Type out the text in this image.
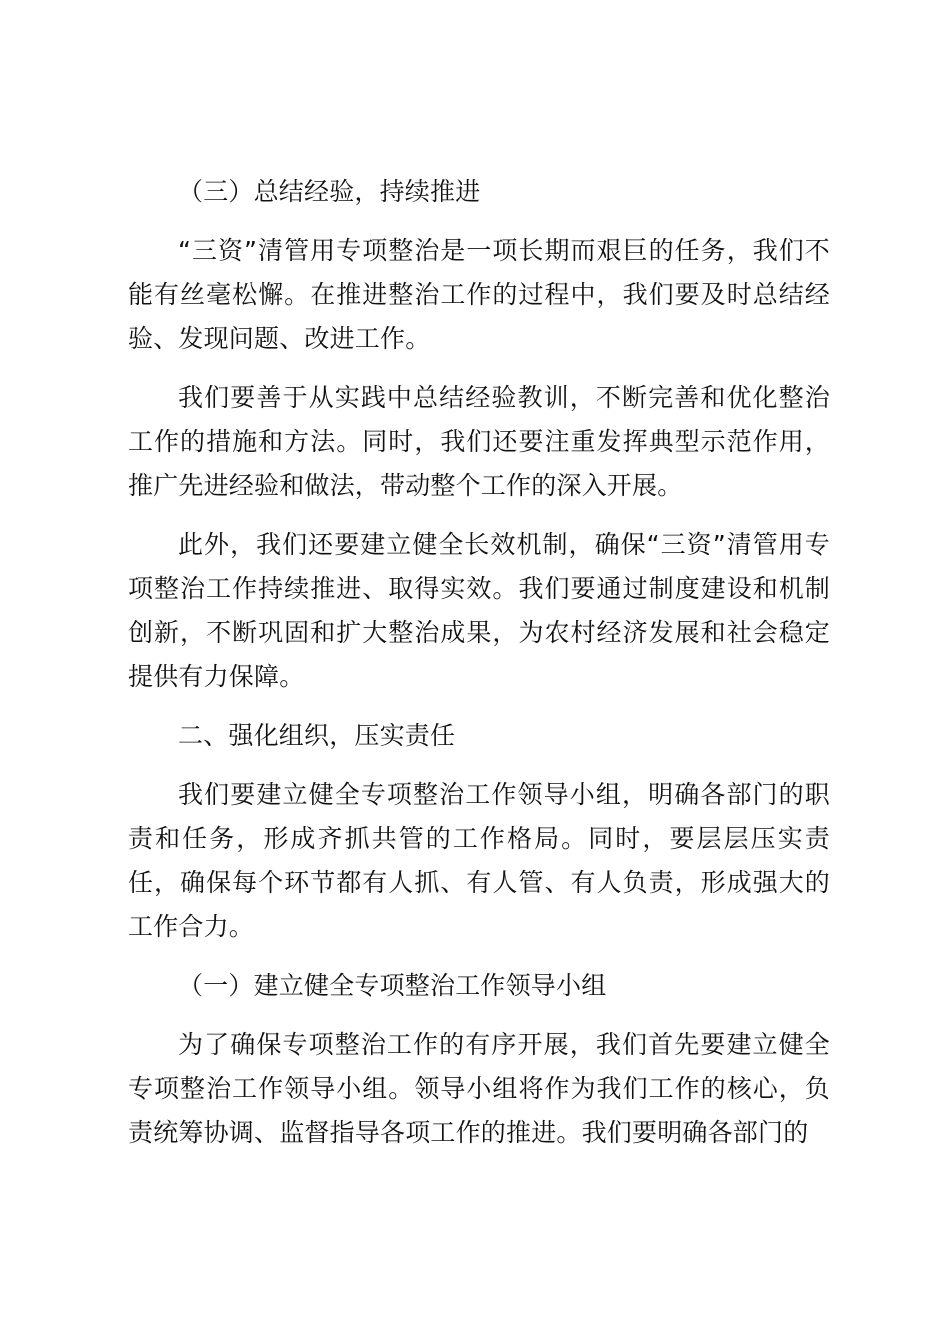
（三）总结经验，持续推进

“三资”清管用专项整治是一项长期而艰巨的任务，我们不能有丝毫松懈。在推进整治工作的过程中，我们要及时总结经验、发现问题、改进工作。

我们要善于从实践中总结经验教训，不断完善和优化整治工作的措施和方法。同时，我们还要注重发挥典型示范作用，推广先进经验和做法，带动整个工作的深入开展。

此外，我们还要建立健全长效机制，确保“三资”清管用专项整治工作持续推进、取得实效。我们要通过制度建设和机制创新，不断巩固和扩大整治成果，为农村经济发展和社会稳定提供有力保障。

二、强化组织，压实责任

我们要建立健全专项整治工作领导小组，明确各部门的职责和任务，形成齐抓共管的工作格局。同时，要层层压实责任，确保每个环节都有人抓、有人管、有人负责，形成强大的工作合力。

（一）建立健全专项整治工作领导小组

为了确保专项整治工作的有序开展，我们首先要建立健全专项整治工作领导小组。领导小组将作为我们工作的核心，负责统筹协调、监督指导各项工作的推进。我们要明确各部门的
